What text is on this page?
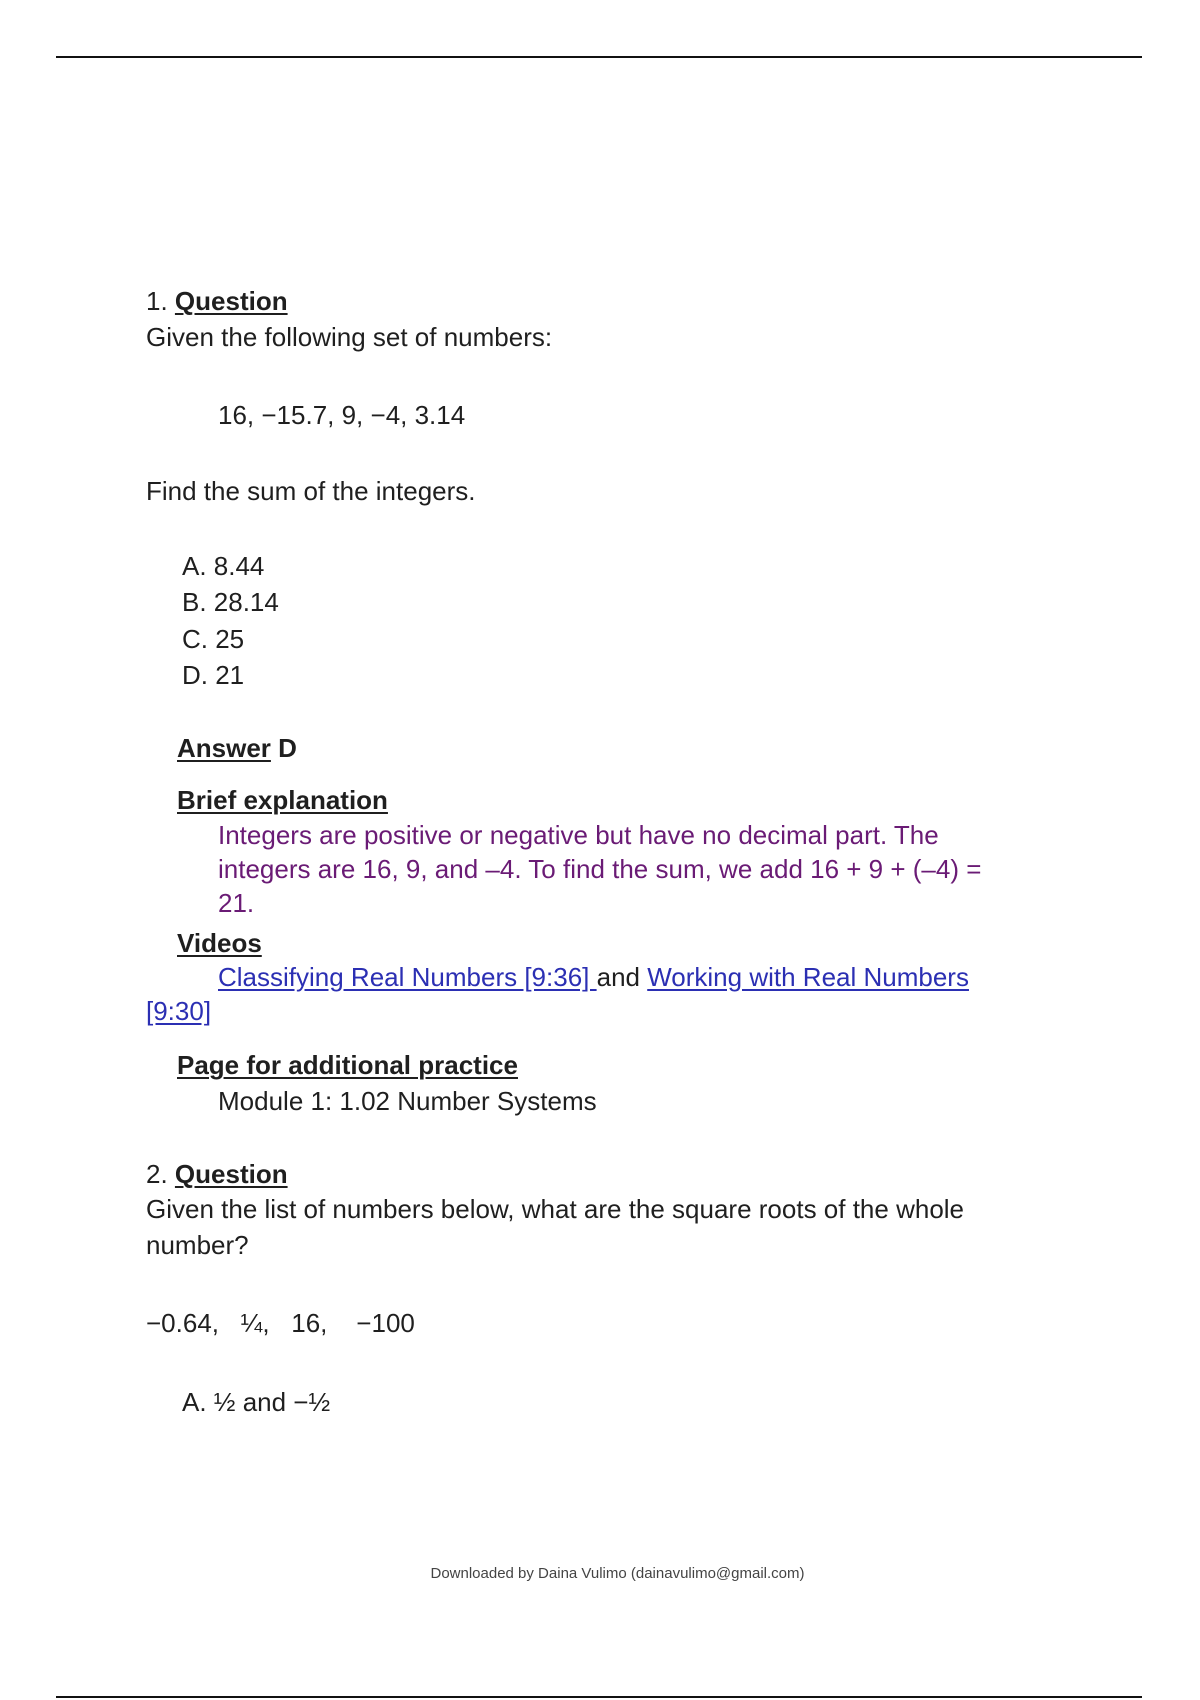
1. Question
Given the following set of numbers:
16, −15.7, 9, −4, 3.14
Find the sum of the integers.
A. 8.44
B. 28.14
C. 25
D. 21
Answer D
Brief explanation
Integers are positive or negative but have no decimal part. The
integers are 16, 9, and –4. To find the sum, we add 16 + 9 + (–4) =
21.
Videos
Classifying Real Numbers [9:36] and Working with Real Numbers
[9:30]
Page for additional practice
Module 1: 1.02 Number Systems
2. Question
Given the list of numbers below, what are the square roots of the whole
number?
−0.64,   ¼,   16,    −100
A. ½ and −½
Downloaded by Daina Vulimo (dainavulimo@gmail.com)
